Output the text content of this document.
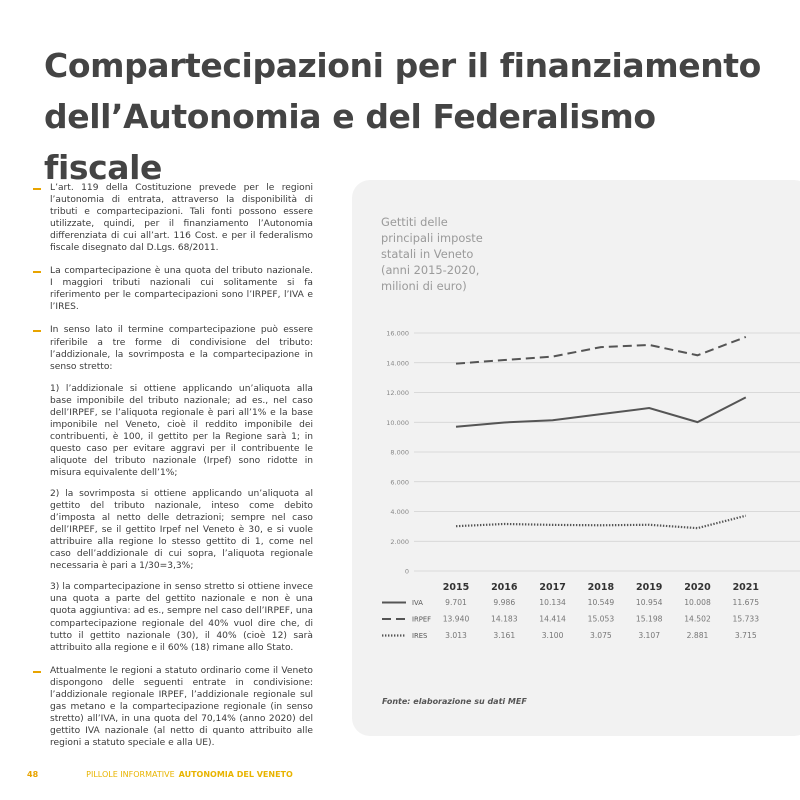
Compartecipazioni per il finanziamento
dell’Autonomia e del Federalismo fiscale

L’art. 119 della Costituzione prevede per le regioni l’autonomia di entrata, attraverso la disponibilità di tributi e compartecipazioni. Tali fonti possono essere utilizzate, quindi, per il finanziamento l’Autonomia differenziata di cui all’art. 116 Cost. e per il federalismo fiscale disegnato dal D.Lgs. 68/2011.

La compartecipazione è una quota del tributo nazionale. I maggiori tributi nazionali cui solitamente si fa riferimento per le compartecipazioni sono l’IRPEF, l’IVA e l’IRES.

In senso lato il termine compartecipazione può essere riferibile a tre forme di condivisione del tributo: l’addizionale, la sovrimposta e la compartecipazione in senso stretto:

1) l’addizionale si ottiene applicando un’aliquota alla base imponibile del tributo nazionale; ad es., nel caso dell’IRPEF, se l’aliquota regionale è pari all’1% e la base imponibile nel Veneto, cioè il reddito imponibile dei contribuenti, è 100, il gettito per la Regione sarà 1; in questo caso per evitare aggravi per il contribuente le aliquote del tributo nazionale (Irpef) sono ridotte in misura equivalente dell’1%;

2) la sovrimposta si ottiene applicando un’aliquota al gettito del tributo nazionale, inteso come debito d’imposta al netto delle detrazioni; sempre nel caso dell’IRPEF, se il gettito Irpef nel Veneto è 30, e si vuole attribuire alla regione lo stesso gettito di 1, come nel caso dell’addizionale di cui sopra, l’aliquota regionale necessaria è pari a 1/30=3,3%;

3) la compartecipazione in senso stretto si ottiene invece una quota a parte del gettito nazionale e non è una quota aggiuntiva: ad es., sempre nel caso dell’IRPEF, una compartecipazione regionale del 40% vuol dire che, di tutto il gettito nazionale (30), il 40% (cioè 12) sarà attribuito alla regione e il 60% (18) rimane allo Stato.

Attualmente le regioni a statuto ordinario come il Veneto dispongono delle seguenti entrate in condivisione: l’addizionale regionale IRPEF, l’addizionale regionale sul gas metano e la compartecipazione regionale (in senso stretto) all’IVA, in una quota del 70,14% (anno 2020) del gettito IVA nazionale (al netto di quanto attribuito alle regioni a statuto speciale e alla UE).

Gettiti delle principali imposte statali in Veneto (anni 2015-2020, milioni di euro)
0
2.000
4.000
6.000
8.000
10.000
12.000
14.000
16.000
2015 2016 2017 2018 2019 2020 2021
IVA	9.701	9.986	10.134	10.549	10.954	10.008	11.675
IRPEF 13.940	14.183	14.414	15.053	15.198	14.502	15.733
IRES 3.013	3.161	3.100	3.075	3.107	2.881	3.715
Fonte: elaborazione su dati MEF
48	PILLOLE INFORMATIVE AUTONOMIA DEL VENETO
